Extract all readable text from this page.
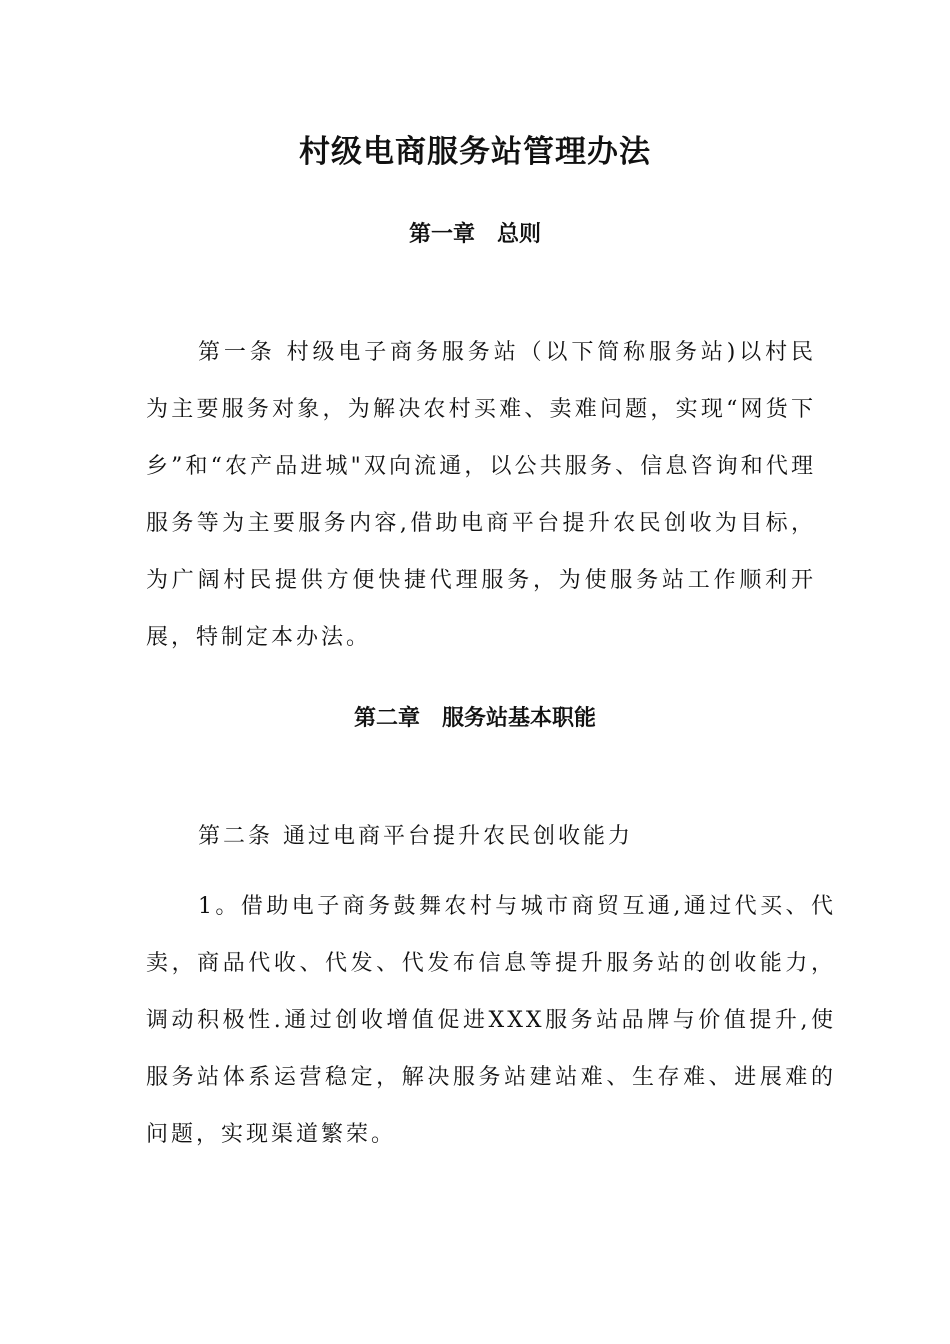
村级电商服务站管理办法
第一章　总则

第一条 村级电子商务服务站（以下简称服务站)以村民为主要服务对象，为解决农村买难、卖难问题，实现“网货下乡”和“农产品进城"双向流通，以公共服务、信息咨询和代理服务等为主要服务内容,借助电商平台提升农民创收为目标，为广阔村民提供方便快捷代理服务，为使服务站工作顺利开展，特制定本办法。

第二章　服务站基本职能

第二条 通过电商平台提升农民创收能力

1。借助电子商务鼓舞农村与城市商贸互通,通过代买、代卖，商品代收、代发、代发布信息等提升服务站的创收能力，调动积极性.通过创收增值促进XXX服务站品牌与价值提升,使服务站体系运营稳定，解决服务站建站难、生存难、进展难的问题，实现渠道繁荣。
